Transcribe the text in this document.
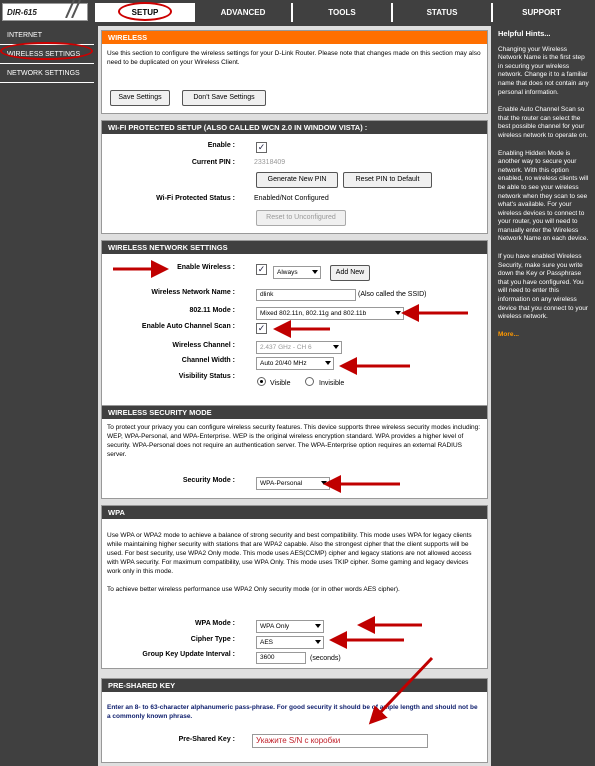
DIR-615	SETUP	ADVANCED	TOOLS	STATUS	SUPPORT
INTERNET
WIRELESS SETTINGS
NETWORK SETTINGS
WIRELESS

Use this section to configure the wireless settings for your D-Link Router. Please note that changes made on this section may also need to be duplicated on your Wireless Client.

Save Settings	Don't Save Settings
WI-FI PROTECTED SETUP (ALSO CALLED WCN 2.0 IN WINDOW VISTA) :
Enable :	✓
Current PIN :	23318409
Generate New PIN	Reset PIN to Default
Wi-Fi Protected Status :	Enabled/Not Configured
Reset to Unconfigured
WIRELESS NETWORK SETTINGS
Enable Wireless :	✓	Always	Add New
Wireless Network Name :	dlink	(Also called the SSID)
802.11 Mode :	Mixed 802.11n, 802.11g and 802.11b
Enable Auto Channel Scan :	✓
Wireless Channel :	2.437 GHz - CH 6
Channel Width :	Auto 20/40 MHz
Visibility Status :
Visible	Invisible
WIRELESS SECURITY MODE

To protect your privacy you can configure wireless security features. This device supports three wireless security modes including: WEP, WPA-Personal, and WPA-Enterprise. WEP is the original wireless encryption standard. WPA provides a higher level of security. WPA-Personal does not require an authentication server. The WPA-Enterprise option requires an external RADIUS server.

Security Mode :	WPA-Personal
WPA

Use WPA or WPA2 mode to achieve a balance of strong security and best compatibility. This mode uses WPA for legacy clients while maintaining higher security with stations that are WPA2 capable. Also the strongest cipher that the client supports will be used. For best security, use WPA2 Only mode. This mode uses AES(CCMP) cipher and legacy stations are not allowed access with WPA security. For maximum compatibility, use WPA Only. This mode uses TKIP cipher. Some gaming and legacy devices work only in this mode.

To achieve better wireless performance use WPA2 Only security mode (or in other words AES cipher).

WPA Mode :	WPA Only
Cipher Type :	AES
Group Key Update Interval :	3600	(seconds)
PRE-SHARED KEY

Enter an 8- to 63-character alphanumeric pass-phrase. For good security it should be of ample length and should not be a commonly known phrase.

Pre-Shared Key :	Укажите S/N с коробки
Helpful Hints...
Changing your Wireless Network Name is the first step in securing your wireless network. Change it to a familiar name that does not contain any personal information.
Enable Auto Channel Scan so that the router can select the best possible channel for your wireless network to operate on.
Enabling Hidden Mode is another way to secure your network. With this option enabled, no wireless clients will be able to see your wireless network when they scan to see what's available. For your wireless devices to connect to your router, you will need to manually enter the Wireless Network Name on each device.
If you have enabled Wireless Security, make sure you write down the Key or Passphrase that you have configured. You will need to enter this information on any wireless device that you connect to your wireless network.
More...
